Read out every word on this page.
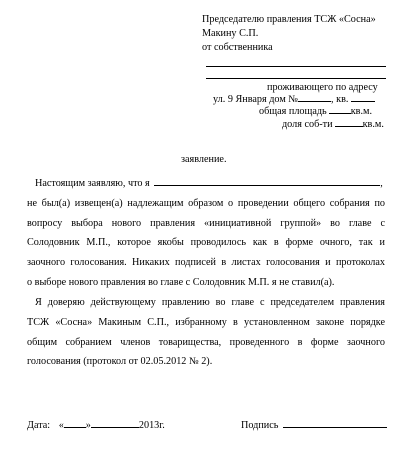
Председателю правления ТСЖ «Сосна»
Макину С.П.
от собственника
проживающего по адресу
ул. 9 Января дом №	, кв.
общая площадь кв.м.
доля соб-ти	кв.м.
заявление.
Настоящим заявляю, что я	,
не был(а) извещен(а) надлежащим образом о проведении общего собрания по
вопросу выбора нового правления «инициативной группой» во главе с
Солодовник М.П., которое якобы проводилось как в форме очного, так и
заочного голосования. Никаких подписей в листах голосования и протоколах
о выборе нового правления во главе с Солодовник М.П. я не ставил(а).
Я доверяю действующему правлению во главе с председателем правления
ТСЖ «Сосна» Макиным С.П., избранному в установленном законе порядке
общим собранием членов товарищества, проведенного в форме заочного
голосования (протокол от 02.05.2012 № 2).
Дата: « »	2013г.	Подпись
